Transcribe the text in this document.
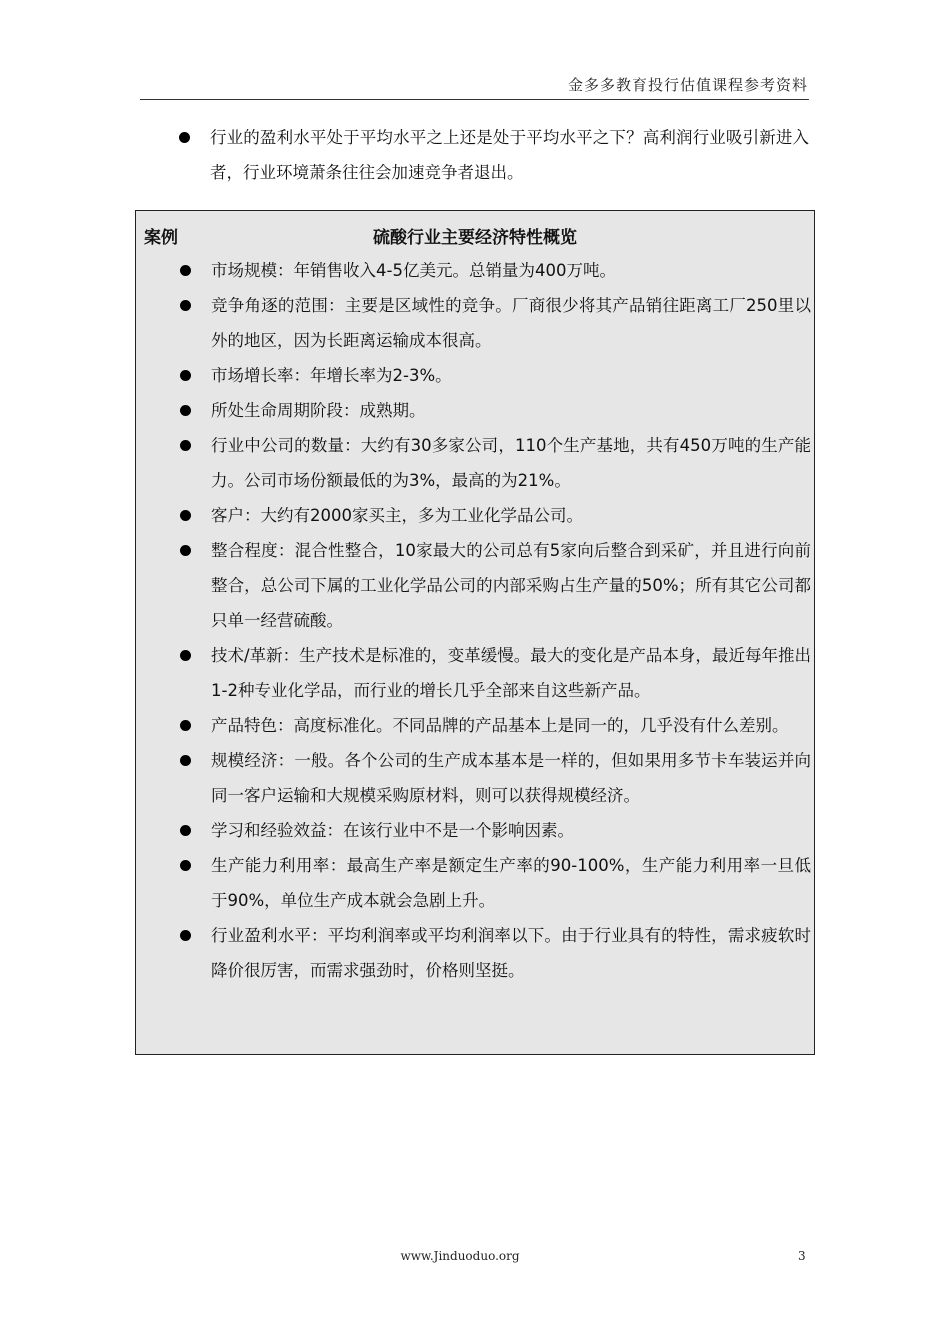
金多多教育投行估值课程参考资料
行业的盈利水平处于平均水平之上还是处于平均水平之下？高利润行业吸引新进入者，行业环境萧条往往会加速竞争者退出。
案例	硫酸行业主要经济特性概览
市场规模：年销售收入4-5亿美元。总销量为400万吨。
竞争角逐的范围：主要是区域性的竞争。厂商很少将其产品销往距离工厂250里以外的地区，因为长距离运输成本很高。
市场增长率：年增长率为2-3%。
所处生命周期阶段：成熟期。
行业中公司的数量：大约有30多家公司，110个生产基地，共有450万吨的生产能力。公司市场份额最低的为3%，最高的为21%。
客户：大约有2000家买主，多为工业化学品公司。
整合程度：混合性整合，10家最大的公司总有5家向后整合到采矿，并且进行向前整合，总公司下属的工业化学品公司的内部采购占生产量的50%；所有其它公司都只单一经营硫酸。
技术/革新：生产技术是标准的，变革缓慢。最大的变化是产品本身，最近每年推出1-2种专业化学品，而行业的增长几乎全部来自这些新产品。
产品特色：高度标准化。不同品牌的产品基本上是同一的，几乎没有什么差别。
规模经济：一般。各个公司的生产成本基本是一样的，但如果用多节卡车装运并向同一客户运输和大规模采购原材料，则可以获得规模经济。
学习和经验效益：在该行业中不是一个影响因素。
生产能力利用率：最高生产率是额定生产率的90-100%，生产能力利用率一旦低于90%，单位生产成本就会急剧上升。
行业盈利水平：平均利润率或平均利润率以下。由于行业具有的特性，需求疲软时降价很厉害，而需求强劲时，价格则坚挺。
www.Jinduoduo.org	3
